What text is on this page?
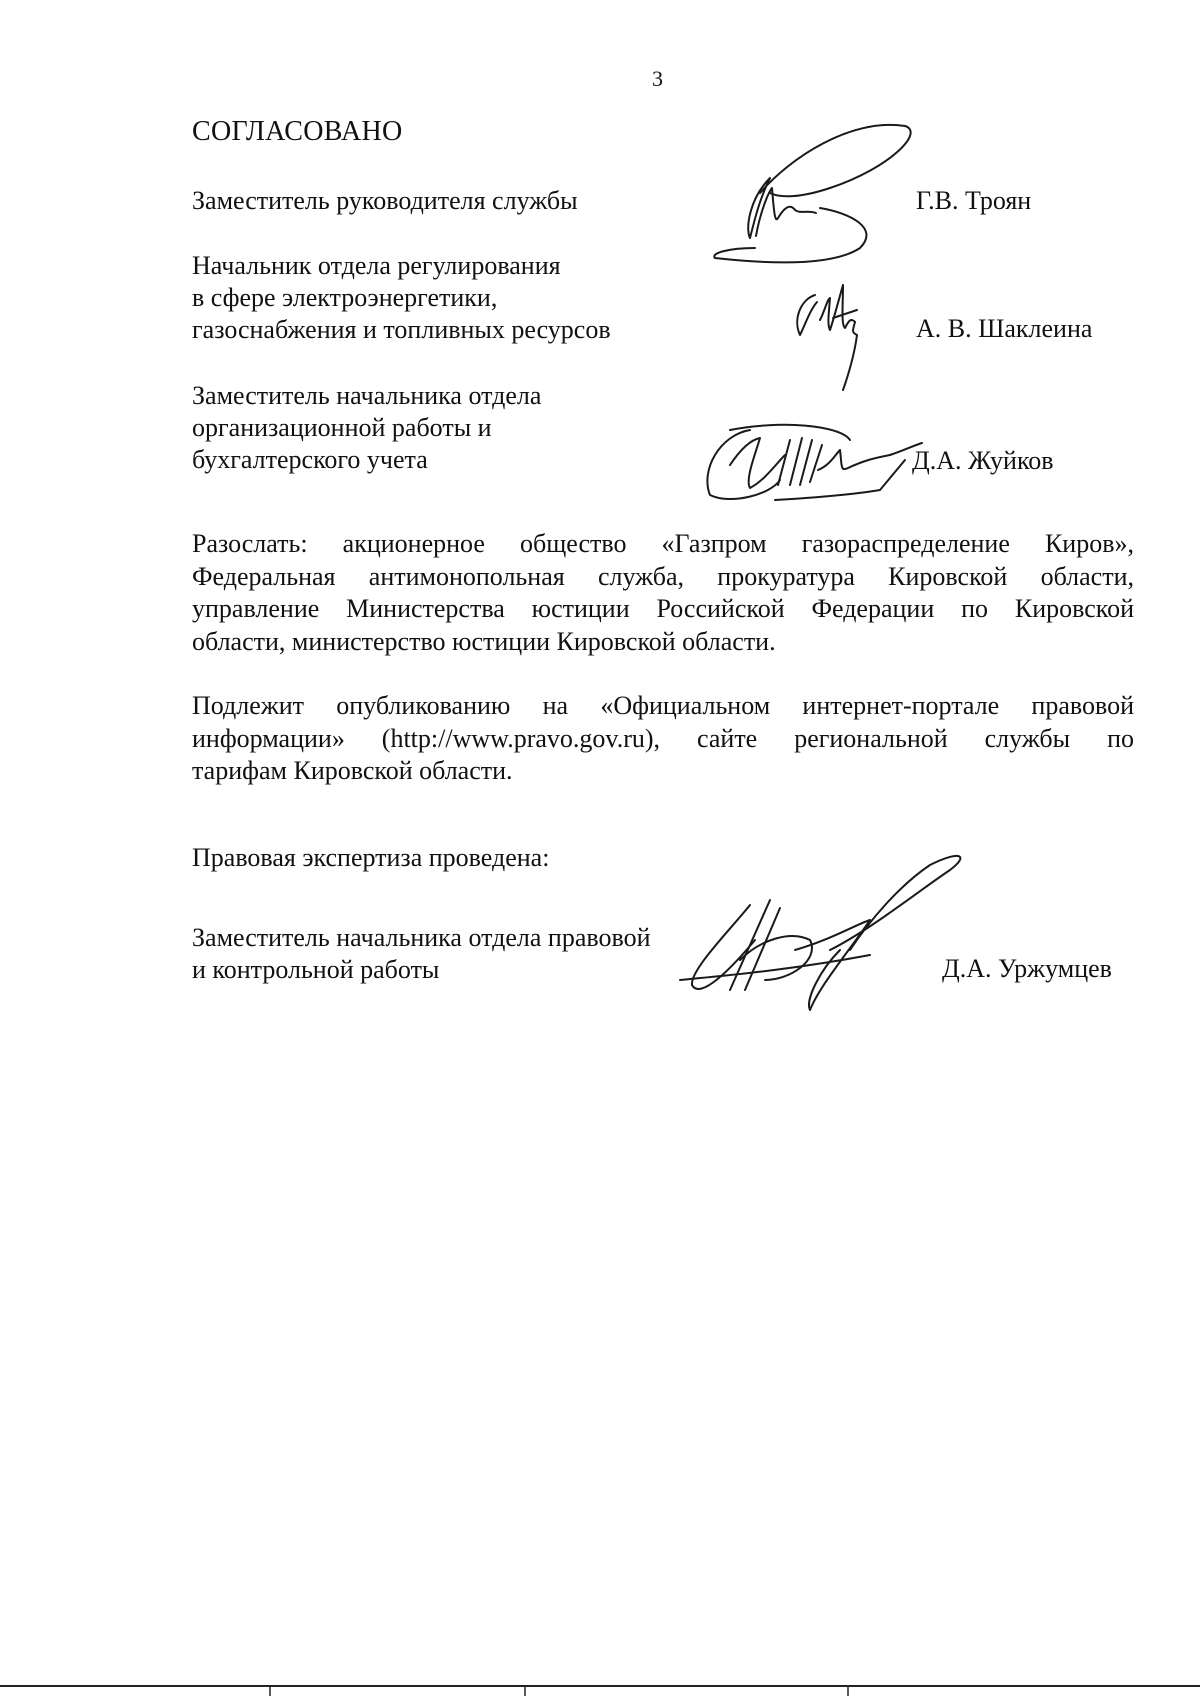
3
СОГЛАСОВАНО
Заместитель руководителя службы	Г.В. Троян
Начальник отдела регулирования
в сфере электроэнергетики,
газоснабжения и топливных ресурсов	А. В. Шаклеина
Заместитель начальника отдела
организационной работы и
бухгалтерского учета	Д.А. Жуйков
Разослать: акционерное общество «Газпром газораспределение Киров»,
Федеральная антимонопольная служба, прокуратура Кировской области,
управление Министерства юстиции Российской Федерации по Кировской
области, министерство юстиции Кировской области.
Подлежит опубликованию на «Официальном интернет-портале правовой
информации» (http://www.pravo.gov.ru), сайте региональной службы по
тарифам Кировской области.
Правовая экспертиза проведена:
Заместитель начальника отдела правовой
и контрольной работы	Д.А. Уржумцев
